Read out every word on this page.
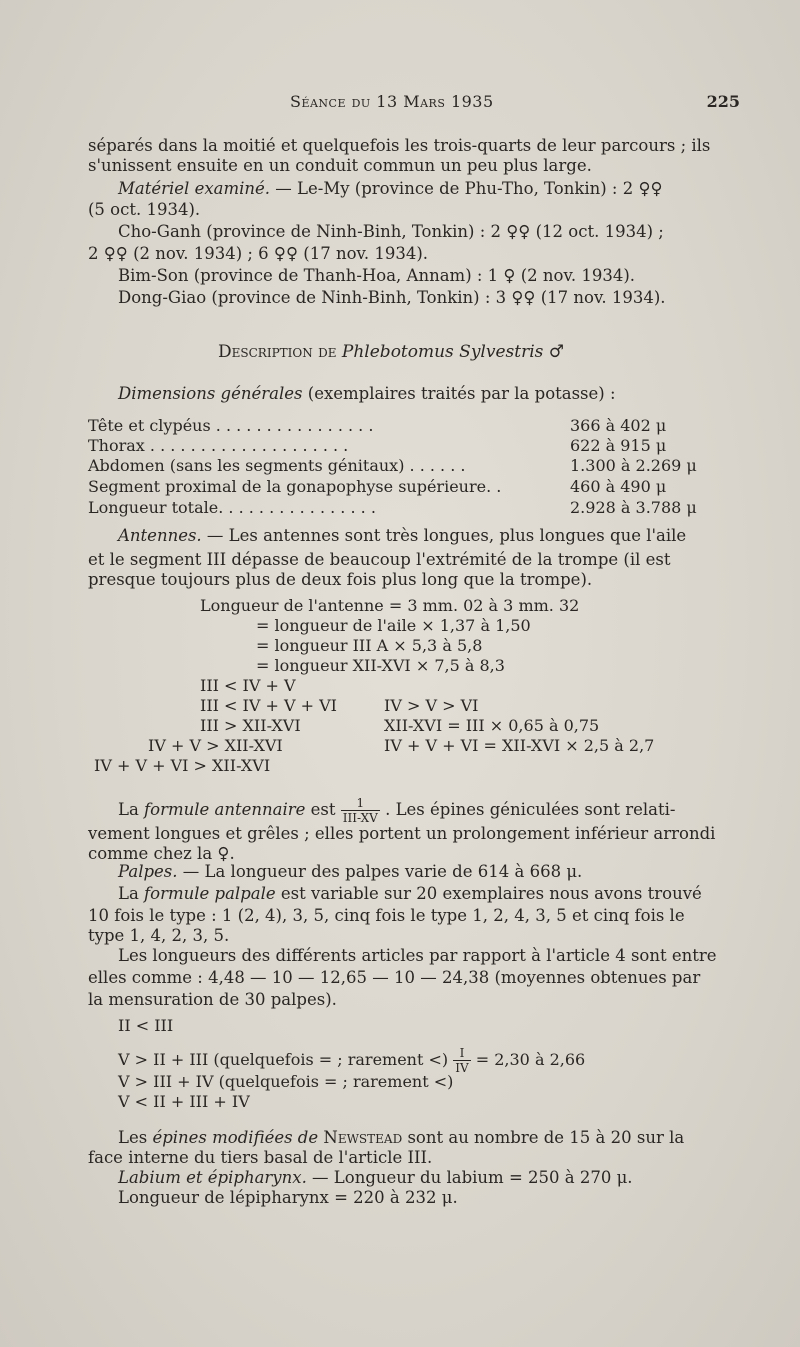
Séance du 13 Mars 1935	225
séparés dans la moitié et quelquefois les trois-quarts de leur parcours ; ils
s'unissent ensuite en un conduit commun un peu plus large.
Matériel examiné. — Le-My (province de Phu-Tho, Tonkin) : 2 ♀♀
(5 oct. 1934).
Cho-Ganh (province de Ninh-Binh, Tonkin) : 2 ♀♀ (12 oct. 1934) ;
2 ♀♀ (2 nov. 1934) ; 6 ♀♀ (17 nov. 1934).
Bim-Son (province de Thanh-Hoa, Annam) : 1 ♀ (2 nov. 1934).
Dong-Giao (province de Ninh-Binh, Tonkin) : 3 ♀♀ (17 nov. 1934).
Description de Phlebotomus Sylvestris ♂
Dimensions générales (exemplaires traités par la potasse) :
Tête et clypéus . . . . . . . . . . . . . . . .	366 à 402 μ
Thorax . . . . . . . . . . . . . . . . . . . .	622 à 915 μ
Abdomen (sans les segments génitaux) . . . . . .	1.300 à 2.269 μ
Segment proximal de la gonapophyse supérieure. .	460 à 490 μ
Longueur totale. . . . . . . . . . . . . . . .	2.928 à 3.788 μ
Antennes. — Les antennes sont très longues, plus longues que l'aile
et le segment III dépasse de beaucoup l'extrémité de la trompe (il est
presque toujours plus de deux fois plus long que la trompe).
Longueur de l'antenne = 3 mm. 02 à 3 mm. 32
= longueur de l'aile × 1,37 à 1,50
= longueur III A × 5,3 à 5,8
= longueur XII-XVI × 7,5 à 8,3
III < IV + V
III < IV + V + VI
III > XII-XVI
IV + V > XII-XVI
IV + V + VI > XII-XVI
IV > V > VI
XII-XVI = III × 0,65 à 0,75
IV + V + VI = XII-XVI × 2,5 à 2,7
La formule antennaire est $\frac{1}{\text{III-XV}}$ . Les épines géniculées sont relati-
vement longues et grêles ; elles portent un prolongement inférieur arrondi
comme chez la ♀.
Palpes. — La longueur des palpes varie de 614 à 668 μ.
La formule palpale est variable sur 20 exemplaires nous avons trouvé
10 fois le type : 1 (2, 4), 3, 5, cinq fois le type 1, 2, 4, 3, 5 et cinq fois le
type 1, 4, 2, 3, 5.
Les longueurs des différents articles par rapport à l'article 4 sont entre
elles comme : 4,48 — 10 — 12,65 — 10 — 24,38 (moyennes obtenues par
la mensuration de 30 palpes).
II < III
V > II + III (quelquefois = ; rarement <) $\frac{I}{IV} = 2,30$ à 2,66
V > III + IV (quelquefois = ; rarement <)
V < II + III + IV
Les épines modifiées de Newstead sont au nombre de 15 à 20 sur la
face interne du tiers basal de l'article III.
Labium et épipharynx. — Longueur du labium = 250 à 270 μ.
Longueur de lépipharynx = 220 à 232 μ.
